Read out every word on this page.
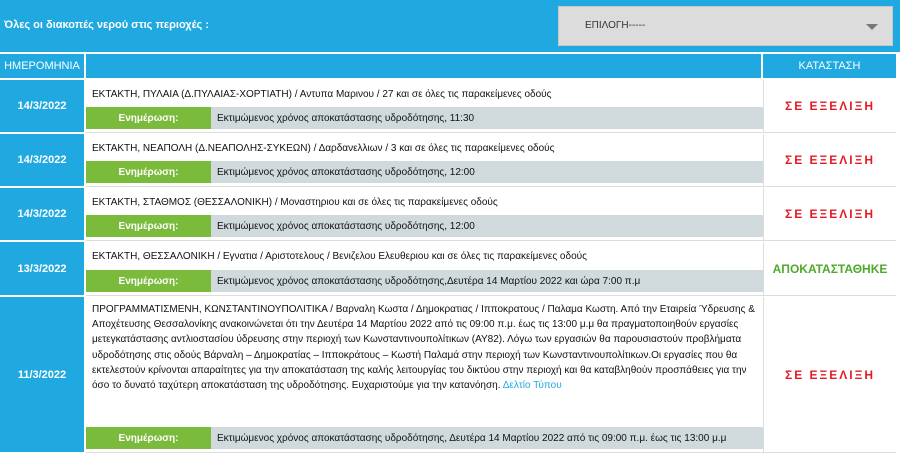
Όλες οι διακοπές νερού στις περιοχές :	ΕΠΙΛΟΓΗ-----
ΗΜΕΡΟΜΗΝΙΑ	ΚΑΤΑΣΤΑΣΗ
14/3/2022
ΕΚΤΑΚΤΗ, ΠΥΛΑΙΑ (Δ.ΠΥΛΑΙΑΣ-ΧΟΡΤΙΑΤΗ) / Αντυπα Μαρινου / 27 και σε όλες τις παρακείμενες οδούς
Ενημέρωση:	Εκτιμώμενος χρόνος αποκατάστασης υδροδότησης, 11:30
ΣΕ ΕΞΕΛΙΞΗ
14/3/2022
ΕΚΤΑΚΤΗ, ΝΕΑΠΟΛΗ (Δ.ΝΕΑΠΟΛΗΣ-ΣΥΚΕΩΝ) / Δαρδανελλιων / 3 και σε όλες τις παρακείμενες οδούς
Ενημέρωση:	Εκτιμώμενος χρόνος αποκατάστασης υδροδότησης, 12:00
ΣΕ ΕΞΕΛΙΞΗ
14/3/2022
ΕΚΤΑΚΤΗ, ΣΤΑΘΜΟΣ (ΘΕΣΣΑΛΟΝΙΚΗ) / Μοναστηριου και σε όλες τις παρακείμενες οδούς
Ενημέρωση:	Εκτιμώμενος χρόνος αποκατάστασης υδροδότησης, 12:00
ΣΕ ΕΞΕΛΙΞΗ
13/3/2022
ΕΚΤΑΚΤΗ, ΘΕΣΣΑΛΟΝΙΚΗ / Εγνατια / Αριστοτελους / Βενιζελου Ελευθεριου και σε όλες τις παρακείμενες οδούς
Ενημέρωση:	Εκτιμώμενος χρόνος αποκατάστασης υδροδότησης,Δευτέρα 14 Μαρτίου 2022 και ώρα 7:00 π.μ
ΑΠΟΚΑΤΑΣΤΑΘΗΚΕ
11/3/2022
ΠΡΟΓΡΑΜΜΑΤΙΣΜΕΝΗ, ΚΩΝΣΤΑΝΤΙΝΟΥΠΟΛΙΤΙΚΑ / Βαρναλη Κωστα / Δημοκρατιας / Ιπποκρατους / Παλαμα Κωστη. Από την Εταιρεία Ύδρευσης & Αποχέτευσης Θεσσαλονίκης ανακοινώνεται ότι την Δευτέρα 14 Μαρτίου 2022 από τις 09:00 π.μ. έως τις 13:00 μ.μ θα πραγματοποιηθούν εργασίες μετεγκατάστασης αντλιοστασίου ύδρευσης στην περιοχή των Κωνσταντινουπολίτικων (ΑΥ82). Λόγω των εργασιών θα παρουσιαστούν προβλήματα υδροδότησης στις οδούς Βάρναλη – Δημοκρατίας – Ιπποκράτους – Κωστή Παλαμά στην περιοχή των Κωνσταντινουπολίτικων.Οι εργασίες που θα εκτελεστούν κρίνονται απαραίτητες για την αποκατάσταση της καλής λειτουργίας του δικτύου στην περιοχή και θα καταβληθούν προσπάθειες για την όσο το δυνατό ταχύτερη αποκατάσταση της υδροδότησης. Ευχαριστούμε για την κατανόηση. Δελτίο Τύπου
Ενημέρωση:	Εκτιμώμενος χρόνος αποκατάστασης υδροδότησης, Δευτέρα 14 Μαρτίου 2022 από τις 09:00 π.μ. έως τις 13:00 μ.μ
ΣΕ ΕΞΕΛΙΞΗ
